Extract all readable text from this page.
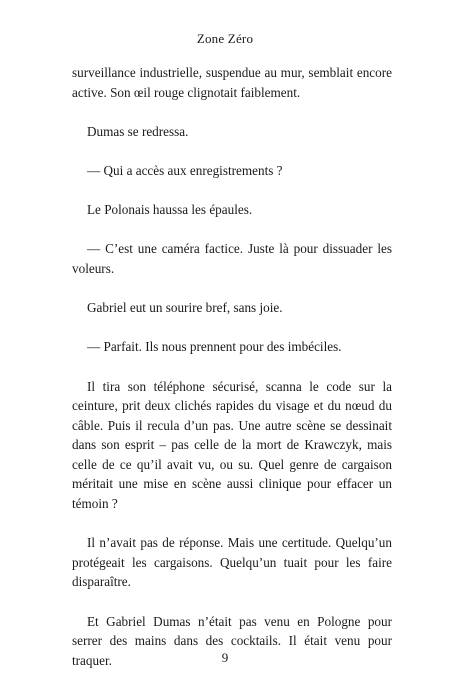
Zone Zéro

surveillance industrielle, suspendue au mur, semblait encore active. Son œil rouge clignotait faiblement.

Dumas se redressa.

— Qui a accès aux enregistrements ?

Le Polonais haussa les épaules.

— C’est une caméra factice. Juste là pour dissuader les voleurs.

Gabriel eut un sourire bref, sans joie.

— Parfait. Ils nous prennent pour des imbéciles.

Il tira son téléphone sécurisé, scanna le code sur la ceinture, prit deux clichés rapides du visage et du nœud du câble. Puis il recula d’un pas. Une autre scène se dessinait dans son esprit – pas celle de la mort de Krawczyk, mais celle de ce qu’il avait vu, ou su. Quel genre de cargaison méritait une mise en scène aussi clinique pour effacer un témoin ?

Il n’avait pas de réponse. Mais une certitude. Quelqu’un protégeait les cargaisons. Quelqu’un tuait pour les faire disparaître.

Et Gabriel Dumas n’était pas venu en Pologne pour serrer des mains dans des cocktails. Il était venu pour traquer.	9
